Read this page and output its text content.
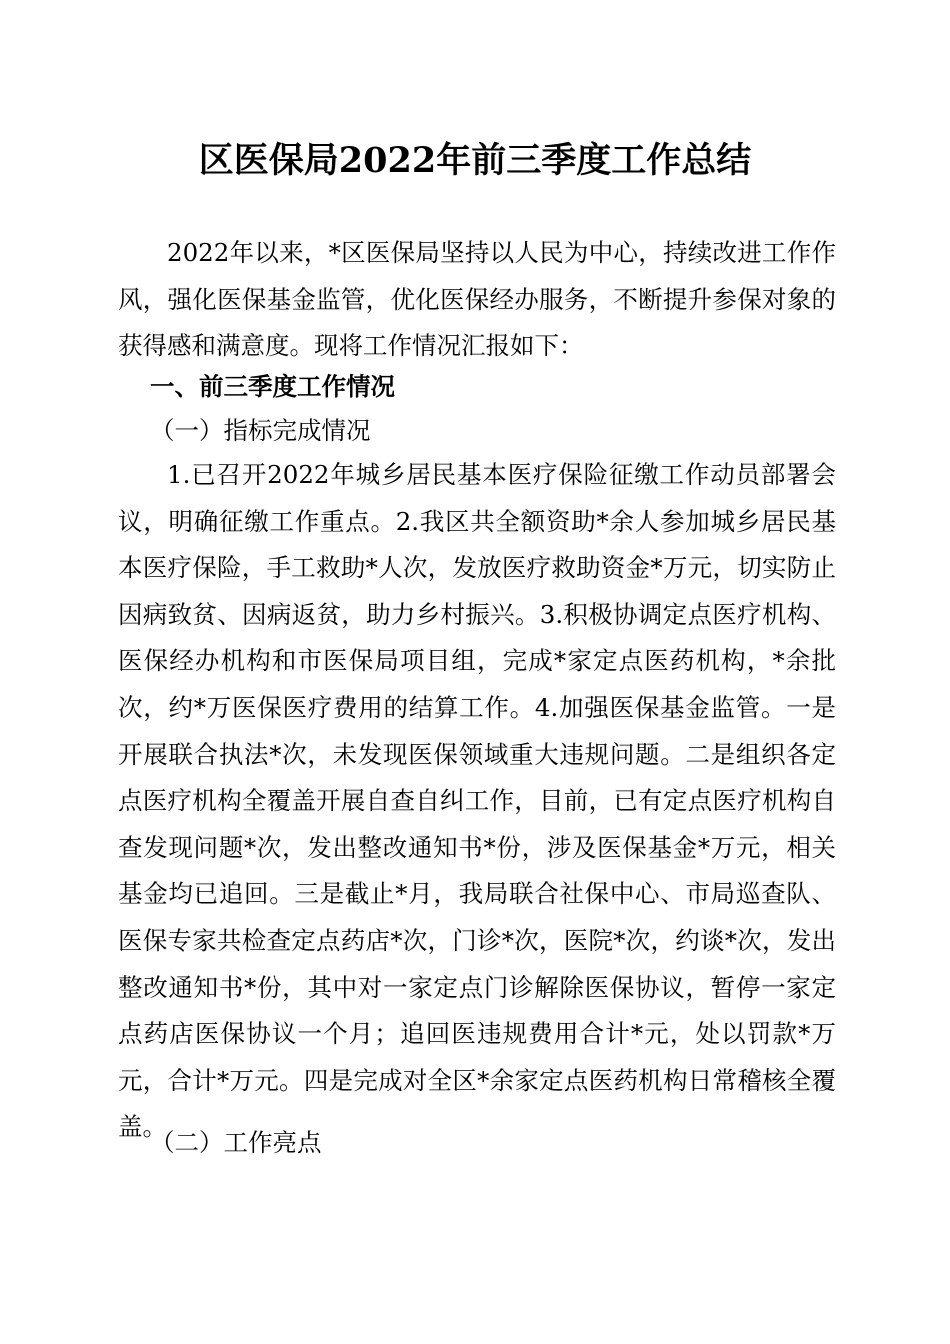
区医保局2022年前三季度工作总结

2022年以来，*区医保局坚持以人民为中心，持续改进工作作风，强化医保基金监管，优化医保经办服务，不断提升参保对象的获得感和满意度。现将工作情况汇报如下：

一、前三季度工作情况
（一）指标完成情况

1.已召开2022年城乡居民基本医疗保险征缴工作动员部署会议，明确征缴工作重点。2.我区共全额资助*余人参加城乡居民基本医疗保险，手工救助*人次，发放医疗救助资金*万元，切实防止因病致贫、因病返贫，助力乡村振兴。3.积极协调定点医疗机构、医保经办机构和市医保局项目组，完成*家定点医药机构，*余批次，约*万医保医疗费用的结算工作。4.加强医保基金监管。一是开展联合执法*次，未发现医保领域重大违规问题。二是组织各定点医疗机构全覆盖开展自查自纠工作，目前，已有定点医疗机构自查发现问题*次，发出整改通知书*份，涉及医保基金*万元，相关基金均已追回。三是截止*月，我局联合社保中心、市局巡查队、医保专家共检查定点药店*次，门诊*次，医院*次，约谈*次，发出整改通知书*份，其中对一家定点门诊解除医保协议，暂停一家定点药店医保协议一个月；追回医违规费用合计*元，处以罚款*万元，合计*万元。四是完成对全区*余家定点医药机构日常稽核全覆盖。

（二）工作亮点
